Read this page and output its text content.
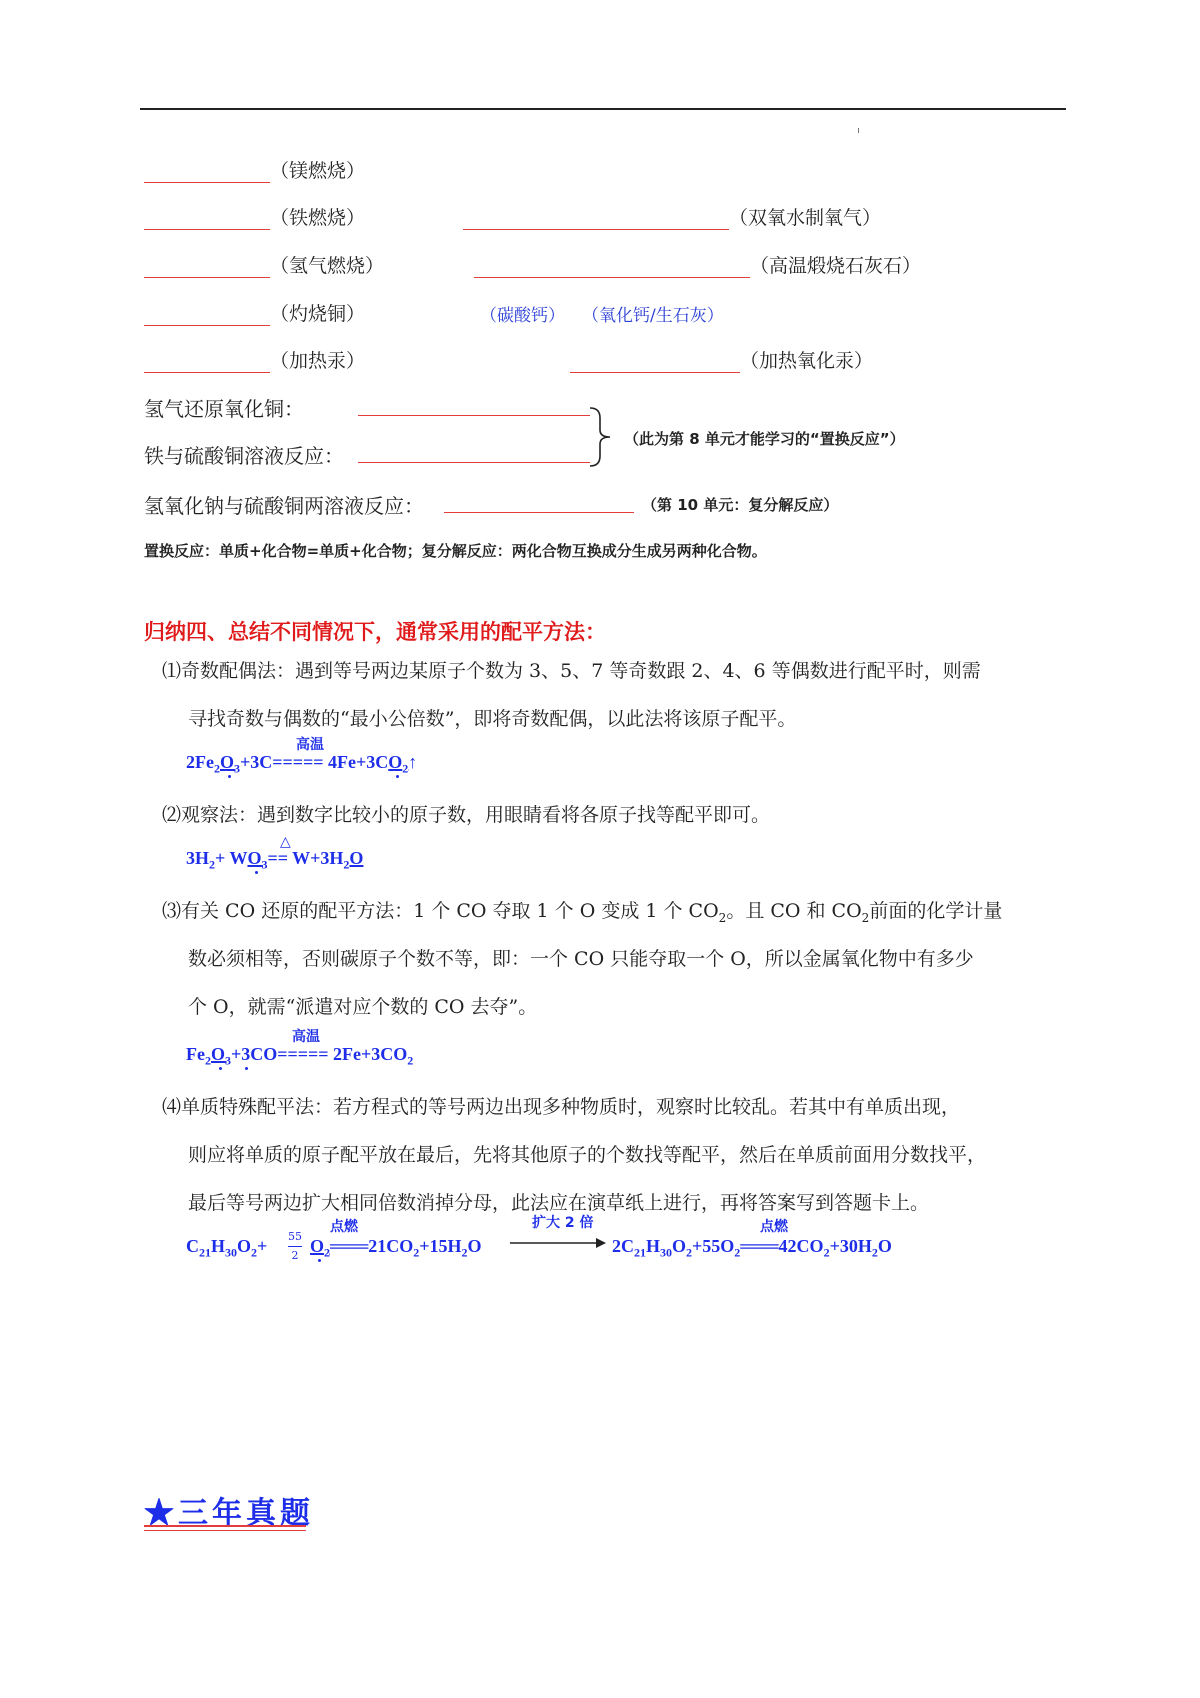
（镁燃烧）
（铁燃烧）	（双氧水制氧气）
（氢气燃烧）	（高温煅烧石灰石）
（灼烧铜）	（碳酸钙） （氧化钙/生石灰）
（加热汞）	（加热氧化汞）
氢气还原氧化铜：
铁与硫酸铜溶液反应：
（此为第 8 单元才能学习的“置换反应”）
氢氧化钠与硫酸铜两溶液反应：	（第 10 单元：复分解反应）
置换反应：单质+化合物=单质+化合物；复分解反应：两化合物互换成分生成另两种化合物。
归纳四、总结不同情况下，通常采用的配平方法：
⑴奇数配偶法：遇到等号两边某原子个数为 3、5、7 等奇数跟 2、4、6 等偶数进行配平时，则需
寻找奇数与偶数的“最小公倍数”，即将奇数配偶，以此法将该原子配平。
高温
$2Fe_2O_3+3C=====$ $4Fe+3CO_2↑$
⑵观察法：遇到数字比较小的原子数，用眼睛看将各原子找等配平即可。
△
$3H_2+ WO_3== W+3H_2O$
⑶有关 CO 还原的配平方法：1 个 CO 夺取 1 个 O 变成 1 个 $CO_2$。且 CO 和 $CO_2$前面的化学计量
数必须相等，否则碳原子个数不等，即：一个 CO 只能夺取一个 O，所以金属氧化物中有多少
个 O，就需“派遣对应个数的 CO 去夺”。
高温
$Fe_2O_3+3CO===== 2Fe+3CO_2$
⑷单质特殊配平法：若方程式的等号两边出现多种物质时，观察时比较乱。若其中有单质出现，
则应将单质的原子配平放在最后，先将其他原子的个数找等配平，然后在单质前面用分数找平，
最后等号两边扩大相同倍数消掉分母，此法应在演草纸上进行，再将答案写到答题卡上。
$C_{21}H_{30}O_2+ 55$
2
点燃
$O_2═══21CO_2+15H_2O$
扩大 2 倍	点燃
$2C_{21}H_{30}O_2+55O_2═══42CO_2+30H_2O$
★三年真题
